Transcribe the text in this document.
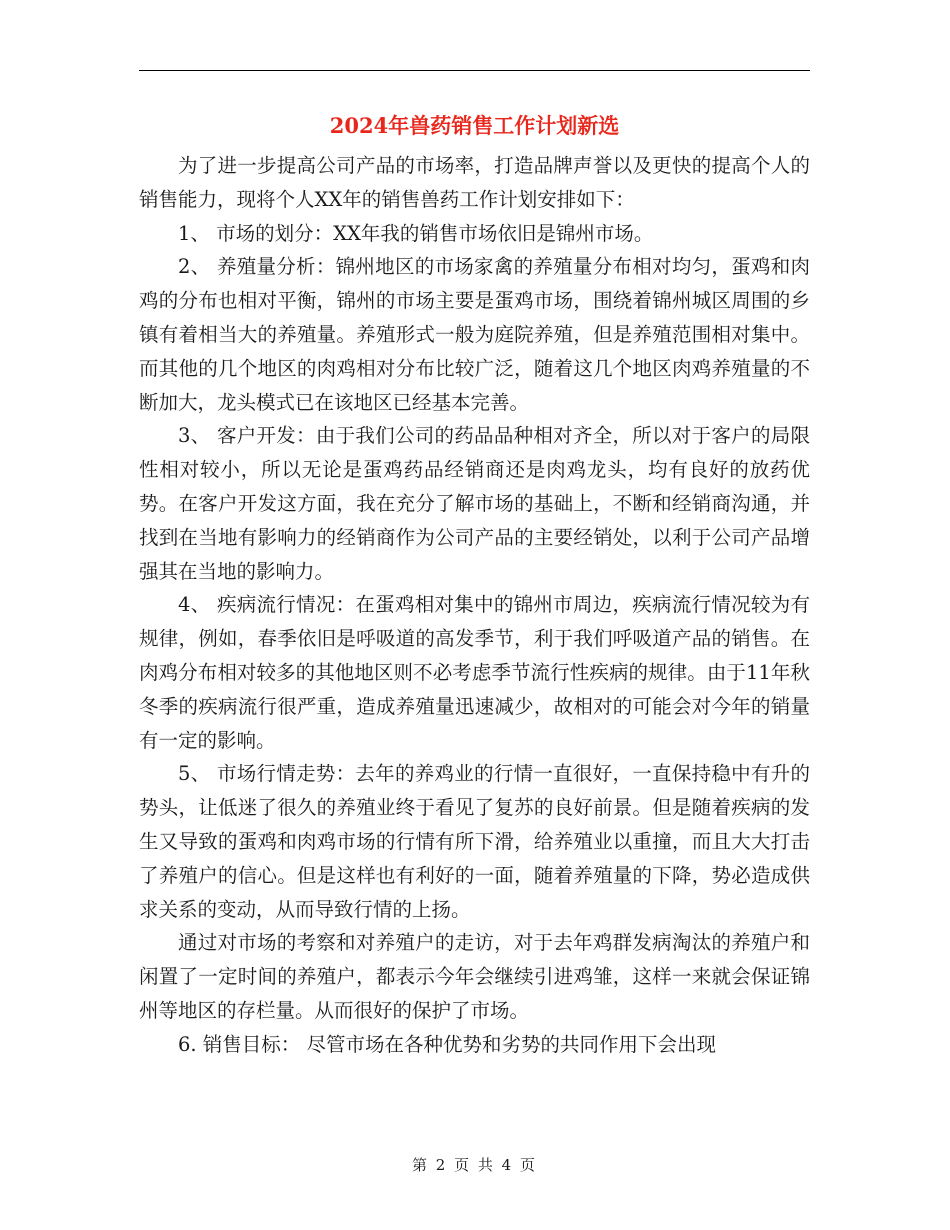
2024年兽药销售工作计划新选

为了进一步提高公司产品的市场率，打造品牌声誉以及更快的提高个人的销售能力，现将个人XX年的销售兽药工作计划安排如下：

1、 市场的划分：XX年我的销售市场依旧是锦州市场。

2、 养殖量分析：锦州地区的市场家禽的养殖量分布相对均匀，蛋鸡和肉鸡的分布也相对平衡，锦州的市场主要是蛋鸡市场，围绕着锦州城区周围的乡镇有着相当大的养殖量。养殖形式一般为庭院养殖，但是养殖范围相对集中。而其他的几个地区的肉鸡相对分布比较广泛，随着这几个地区肉鸡养殖量的不断加大，龙头模式已在该地区已经基本完善。

3、 客户开发：由于我们公司的药品品种相对齐全，所以对于客户的局限性相对较小，所以无论是蛋鸡药品经销商还是肉鸡龙头，均有良好的放药优势。在客户开发这方面，我在充分了解市场的基础上，不断和经销商沟通，并找到在当地有影响力的经销商作为公司产品的主要经销处，以利于公司产品增强其在当地的影响力。

4、 疾病流行情况：在蛋鸡相对集中的锦州市周边，疾病流行情况较为有规律，例如，春季依旧是呼吸道的高发季节，利于我们呼吸道产品的销售。在肉鸡分布相对较多的其他地区则不必考虑季节流行性疾病的规律。由于11年秋冬季的疾病流行很严重，造成养殖量迅速减少，故相对的可能会对今年的销量有一定的影响。

5、 市场行情走势：去年的养鸡业的行情一直很好，一直保持稳中有升的势头，让低迷了很久的养殖业终于看见了复苏的良好前景。但是随着疾病的发生又导致的蛋鸡和肉鸡市场的行情有所下滑，给养殖业以重撞，而且大大打击了养殖户的信心。但是这样也有利好的一面，随着养殖量的下降，势必造成供求关系的变动，从而导致行情的上扬。

通过对市场的考察和对养殖户的走访，对于去年鸡群发病淘汰的养殖户和闲置了一定时间的养殖户，都表示今年会继续引进鸡雏，这样一来就会保证锦州等地区的存栏量。从而很好的保护了市场。

6. 销售目标： 尽管市场在各种优势和劣势的共同作用下会出现

第 2 页 共 4 页
